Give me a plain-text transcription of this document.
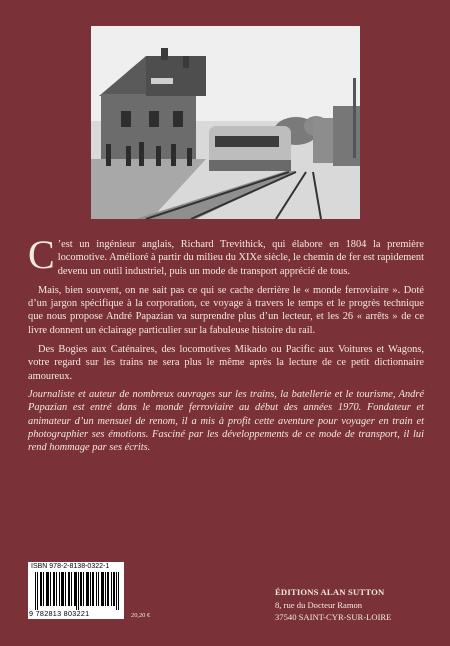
C ’est un ingénieur anglais, Richard Trevithick, qui élabore en 1804 la première locomotive. Amélioré à partir du milieu du XIXe siècle, le chemin de fer est rapidement devenu un outil industriel, puis un mode de transport apprécié de tous.

Mais, bien souvent, on ne sait pas ce qui se cache derrière le « monde ferroviaire ». Doté d’un jargon spécifique à la corporation, ce voyage à travers le temps et le progrès technique que nous propose André Papazian va surprendre plus d’un lecteur, et les 26 « arrêts » de ce livre donnent un éclairage particulier sur la fabuleuse histoire du rail.

Des Bogies aux Caténaires, des locomotives Mikado ou Pacific aux Voitures et Wagons, votre regard sur les trains ne sera plus le même après la lecture de ce petit dictionnaire amoureux.

Journaliste et auteur de nombreux ouvrages sur les trains, la batellerie et le tourisme, André Papazian est entré dans le monde ferroviaire au début des années 1970. Fondateur et animateur d’un mensuel de renom, il a mis à profit cette aventure pour voyager en train et photographier ses émotions. Fasciné par les développements de ce mode de transport, il lui rend hommage par ses écrits.

ISBN 978-2-8138-0322-1
9 782813 803221	20,20 €
ÉDITIONS ALAN SUTTON
8, rue du Docteur Ramon
37540 SAINT-CYR-SUR-LOIRE
